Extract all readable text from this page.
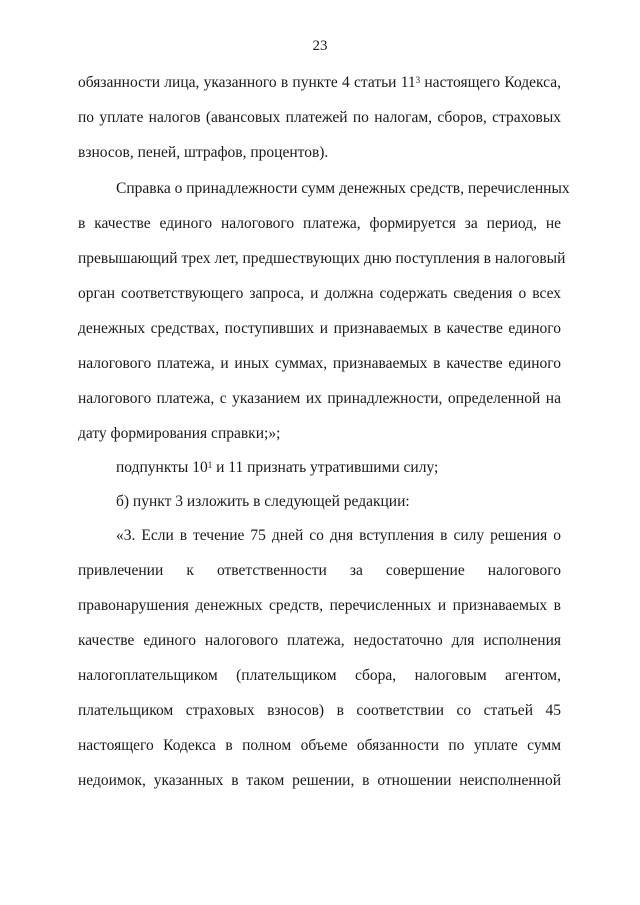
23
обязанности лица, указанного в пункте 4 статьи $11^3$ настоящего Кодекса,
по уплате налогов (авансовых платежей по налогам, сборов, страховых
взносов, пеней, штрафов, процентов).
Справка о принадлежности сумм денежных средств, перечисленных
в качестве единого налогового платежа, формируется за период, не
превышающий трех лет, предшествующих дню поступления в налоговый
орган соответствующего запроса, и должна содержать сведения о всех
денежных средствах, поступивших и признаваемых в качестве единого
налогового платежа, и иных суммах, признаваемых в качестве единого
налогового платежа, с указанием их принадлежности, определенной на
дату формирования справки;»;
подпункты $10^1$ и 11 признать утратившими силу;
б) пункт 3 изложить в следующей редакции:
«3. Если в течение 75 дней со дня вступления в силу решения о
привлечении к ответственности за совершение налогового
правонарушения денежных средств, перечисленных и признаваемых в
качестве единого налогового платежа, недостаточно для исполнения
налогоплательщиком (плательщиком сбора, налоговым агентом,
плательщиком страховых взносов) в соответствии со статьей 45
настоящего Кодекса в полном объеме обязанности по уплате сумм
недоимок, указанных в таком решении, в отношении неисполненной
